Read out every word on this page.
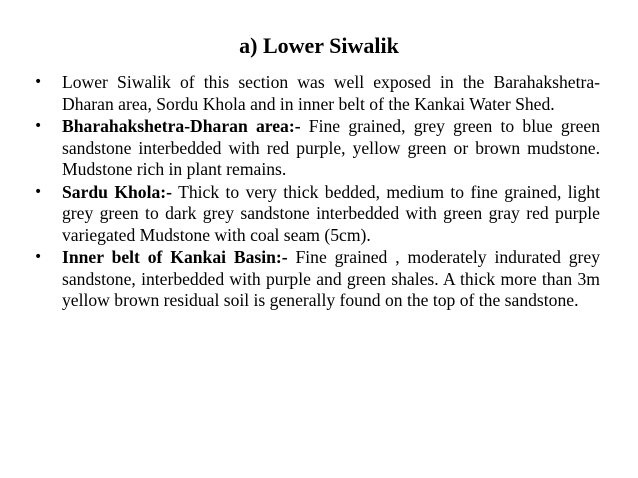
a) Lower Siwalik
•	Lower Siwalik of this section was well exposed in the Barahakshetra-Dharan area, Sordu Khola and in inner belt of the Kankai Water Shed.
•	Bharahakshetra-Dharan area:- Fine grained, grey green to blue green sandstone interbedded with red purple, yellow green or brown mudstone. Mudstone rich in plant remains.
•	Sardu Khola:- Thick to very thick bedded, medium to fine grained, light grey green to dark grey sandstone interbedded with green gray red purple variegated Mudstone with coal seam (5cm).
•	Inner belt of Kankai Basin:- Fine grained , moderately indurated grey sandstone, interbedded with purple and green shales. A thick more than 3m yellow brown residual soil is generally found on the top of the sandstone.
